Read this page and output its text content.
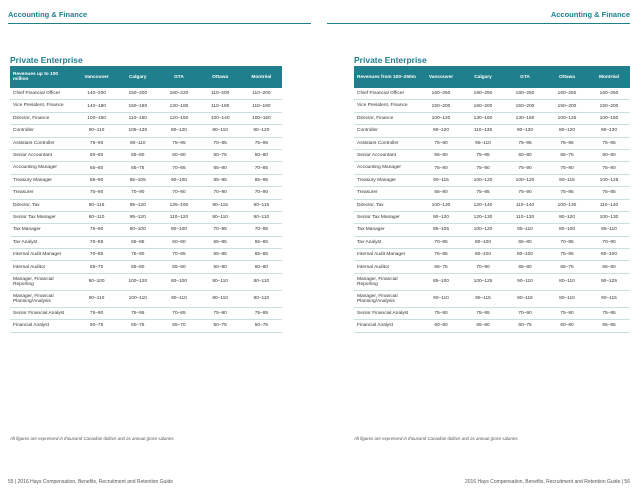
Accounting & Finance
Private Enterprise
Revenues up to 100 million	Vancouver	Calgary	GTA	Ottawa	Montréal
Chief Financial Officer	140–200	150–200	180–220	110–200	110–200
Vice President, Finance	140–180	150–180	130–180	110–180	110–180
Director, Finance	100–150	110–150	120–150	100–140	100–150
Controller	90–110	105–130	80–120	80–110	80–120
Assistant Controller	75–90	80–110	75–95	70–85	75–95
Senior Accountant	60–80	65–80	60–80	50–75	50–80
Accounting Manager	65–80	65–75	70–85	65–80	70–85
Treasury Manager	85–90	85–105	90–100	85–95	85–95
Treasurer	70–90	70–90	70–90	70–90	70–90
Director, Tax	90–115	95–120	135–160	90–115	90–115
Senior Tax Manager	80–110	95–120	110–120	80–110	90–110
Tax Manager	75–90	80–100	80–100	70–95	70–95
Tax Analyst	70–85	65–85	60–80	65–85	65–85
Internal Audit Manager	70–85	75–90	70–85	65–85	65–85
Internal Auditor	55–70	65–80	65–80	60–80	60–80
Manager, Financial Reporting	90–100	100–120	80–100	80–110	80–110
Manager, Financial Planning/Analysis	90–110	100–110	90–110	80–110	80–110
Senior Financial Analyst	75–90	75–95	70–85	75–90	75–95
Financial Analyst	60–75	60–75	55–70	50–75	50–75
All figures are expressed in thousand Canadian dollars and as annual gross salaries.
55 | 2016 Hays Compensation, Benefits, Recruitment and Retention Guide
Accounting & Finance
Private Enterprise
Revenues from 100–250m	Vancouver	Calgary	GTA	Ottawa	Montréal
Chief Financial Officer	160–250	190–250	180–250	160–250	160–250
Vice President, Finance	150–200	160–200	150–200	150–200	150–200
Director, Finance	100–120	130–160	130–160	100–125	100–150
Controller	90–120	110–135	90–130	80–120	90–130
Assistant Controller	75–90	95–110	75–95	75–95	75–95
Senior Accountant	55–80	75–95	60–80	55–75	60–80
Accounting Manager	75–90	75–90	75–90	75–90	75–90
Treasury Manager	90–115	100–120	100–120	90–115	100–125
Treasurer	65–90	75–95	75–90	75–85	75–85
Director, Tax	100–130	120–140	110–140	100–130	110–140
Senior Tax Manager	90–120	120–130	110–130	90–120	100–130
Tax Manager	85–105	100–120	85–110	80–100	85–110
Tax Analyst	70–85	80–100	65–80	70–85	70–90
Internal Audit Manager	75–85	80–100	80–100	75–85	80–100
Internal Auditor	65–75	70–90	65–80	65–75	65–80
Manager, Financial Reporting	85–100	100–125	90–110	80–110	90–125
Manager, Financial Planning/Analysis	90–110	95–115	90–115	80–110	90–115
Senior Financial Analyst	75–90	75–95	70–90	75–90	75–95
Financial Analyst	60–80	65–80	60–75	60–80	65–85
All figures are expressed in thousand Canadian dollars and as annual gross salaries.
2016 Hays Compensation, Benefits, Recruitment and Retention Guide | 56
